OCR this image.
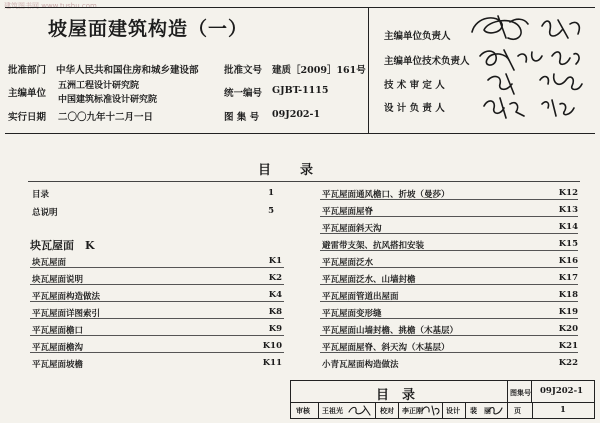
建筑图书网 www.tushu.com
坡屋面建筑构造（一）
批准部门 中华人民共和国住房和城乡建设部	批准文号 建质［2009］161号
主编单位
五洲工程设计研究院
中国建筑标准设计研究院
统一编号 GJBT-1115
实行日期 二〇〇九年十二月一日	图 集 号 09J202-1
主编单位负责人
主编单位技术负责人
技 术 审 定 人
设 计 负 责 人
目　　录
目录	1
总说明	5
块瓦屋面　K
块瓦屋面	K1
块瓦屋面说明	K2
平瓦屋面构造做法	K4
平瓦屋面详图索引	K8
平瓦屋面檐口	K9
平瓦屋面檐沟	K10
平瓦屋面坡檐	K11
平瓦屋面通风檐口、折坡（曼莎）	K12
平瓦屋面屋脊	K13
平瓦屋面斜天沟	K14
避雷带支架、抗风搭扣安装	K15
平瓦屋面泛水	K16
平瓦屋面泛水、山墙封檐	K17
平瓦屋面管道出屋面	K18
平瓦屋面变形缝	K19
平瓦屋面山墙封檐、挑檐（木基层）	K20
平瓦屋面屋脊、斜天沟（木基层）	K21
小青瓦屋面构造做法	K22
目　录	图集号 09J202-1
审核 王祖光	校对 李正刚	设计 裴　丽	页	1
